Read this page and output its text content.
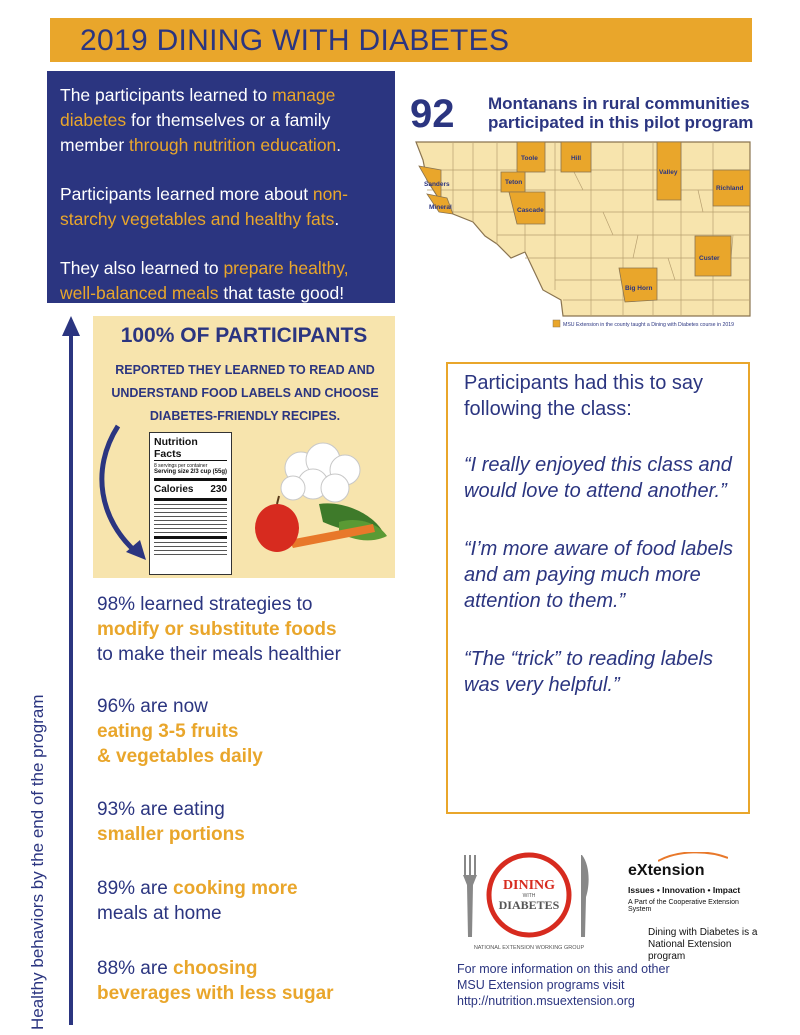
2019 DINING WITH DIABETES

The participants learned to manage diabetes for themselves or a family member through nutrition education.

Participants learned more about non-starchy vegetables and healthy fats.

They also learned to prepare healthy, well-balanced meals that taste good!

92 Montanans in rural communities participated in this pilot program
Toole	Hill
Valley
Richland
Sanders
Mineral
Teton
Cascade
Custer
Big Horn
MSU Extension in the county taught a Dining with Diabetes course in 2019
100% OF PARTICIPANTS
REPORTED THEY LEARNED TO READ AND UNDERSTAND FOOD LABELS AND CHOOSE DIABETES-FRIENDLY RECIPES.
Nutrition Facts
8 servings per container
Serving size 2/3 cup (55g)
Calories 230
Healthy behaviors by the end of the program
98% learned strategies to
modify or substitute foods
to make their meals healthier
96% are now
eating 3-5 fruits
& vegetables daily
93% are eating
smaller portions
89% are cooking more
meals at home
88% are choosing
beverages with less sugar
Participants had this to say following the class:
“I really enjoyed this class and would love to attend another.”
“I’m more aware of food labels and am paying much more attention to them.”
“The “trick” to reading labels was very helpful.”
DINING
WITH
DIABETES
NATIONAL EXTENSION WORKING GROUP
eXtension
Issues • Innovation • Impact
A Part of the Cooperative Extension System
Dining with Diabetes is a National Extension program
For more information on this and other
MSU Extension programs visit
http://nutrition.msuextension.org
